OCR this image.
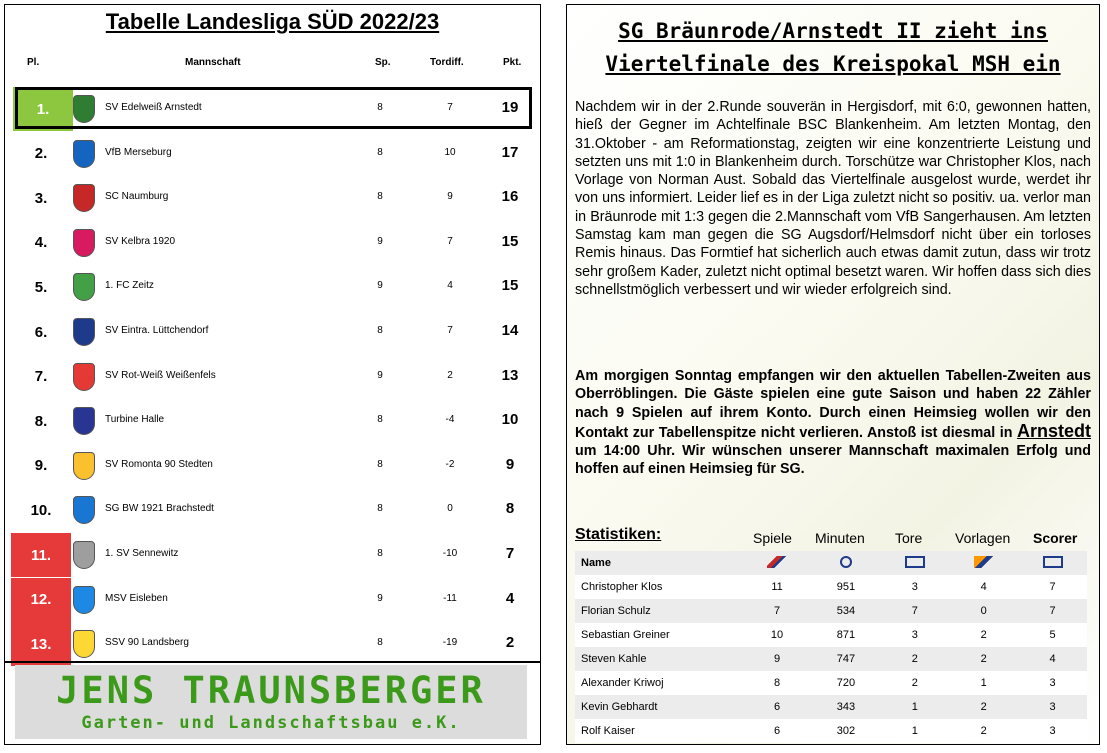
Tabelle Landesliga SÜD 2022/23
Pl.	Mannschaft	Sp.	Tordiff.	Pkt.
1.	SV Edelweiß Arnstedt	8	7	19
2.	VfB Merseburg	8	10	17
3.	SC Naumburg	8	9	16
4.	SV Kelbra 1920	9	7	15
5.	1. FC Zeitz	9	4	15
6.	SV Eintra. Lüttchendorf	8	7	14
7.	SV Rot-Weiß Weißenfels	9	2	13
8.	Turbine Halle	8	-4	10
9.	SV Romonta 90 Stedten	8	-2	9
10.	SG BW 1921 Brachstedt	8	0	8
11.	1. SV Sennewitz	8	-10	7
12.	MSV Eisleben	9	-11	4
13.	SSV 90 Landsberg	8	-19	2
JENS TRAUNSBERGER
Garten- und Landschaftsbau e.K.
SG Bräunrode/Arnstedt II zieht ins Viertelfinale des Kreispokal MSH ein
Nachdem wir in der 2.Runde souverän in Hergisdorf, mit 6:0, gewonnen hatten, hieß der Gegner im Achtelfinale BSC Blankenheim. Am letzten Montag, den 31.Oktober - am Reformationstag, zeigten wir eine konzentrierte Leistung und setzten uns mit 1:0 in Blankenheim durch. Torschütze war Christopher Klos, nach Vorlage von Norman Aust. Sobald das Viertelfinale ausgelost wurde, werdet ihr von uns informiert. Leider lief es in der Liga zuletzt nicht so positiv. ua. verlor man in Bräunrode mit 1:3 gegen die 2.Mannschaft vom VfB Sangerhausen. Am letzten Samstag kam man gegen die SG Augsdorf/Helmsdorf nicht über ein torloses Remis hinaus. Das Formtief hat sicherlich auch etwas damit zutun, dass wir trotz sehr großem Kader, zuletzt nicht optimal besetzt waren. Wir hoffen dass sich dies schnellstmöglich verbessert und wir wieder erfolgreich sind.
Am morgigen Sonntag empfangen wir den aktuellen Tabellen-Zweiten aus Oberröblingen. Die Gäste spielen eine gute Saison und haben 22 Zähler nach 9 Spielen auf ihrem Konto. Durch einen Heimsieg wollen wir den Kontakt zur Tabellenspitze nicht verlieren. Anstoß ist diesmal in Arnstedt um 14:00 Uhr. Wir wünschen unserer Mannschaft maximalen Erfolg und hoffen auf einen Heimsieg für SG.
Statistiken:	Spiele Minuten Tore Vorlagen Scorer
Name					
Christopher Klos	11	951	3	4	7
Florian Schulz	7	534	7	0	7
Sebastian Greiner	10	871	3	2	5
Steven Kahle	9	747	2	2	4
Alexander Kriwoj	8	720	2	1	3
Kevin Gebhardt	6	343	1	2	3
Rolf Kaiser	6	302	1	2	3
